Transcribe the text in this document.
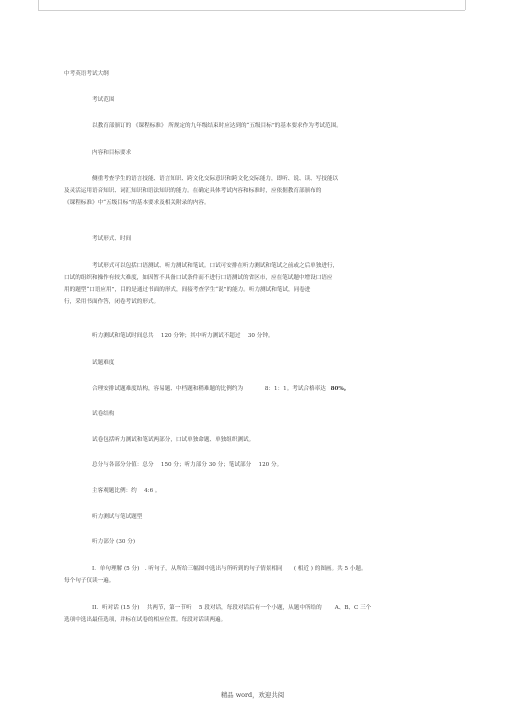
中考英语考试大纲
考试范围
以教育部颁订的 《课程标准》 所规定的九年级结束时应达到的“五级目标”的基本要求作为考试范围。
内容和目标要求
侧重考查学生的语言技能、语言知识、跨文化交际意识和跨文化交际能力，即听、说、读、写技能以
及灵活运用语音知识、词汇知识和语法知识的能力。在确定具体考试内容和标准时，应依据教育部颁布的
《课程标准》中“五级目标”的基本要求及相关附录的内容。
考试形式、时间
考试形式可以包括口语测试、听力测试和笔试。口试可安排在听力测试和笔试之前或之后单独进行，
口试的组织和操作有较大难度，如因暂不具备口试条件而不进行口语测试的省区市，应在笔试题中增设口语应
用的题型“口语应用”，目的是通过书面的形式，间接考查学生“说”的能力。听力测试和笔试，同卷进
行，采用书面作答，闭卷考试的形式。
听力测试和笔试时间总共　 120 分钟；其中听力测试不超过　 30 分钟。
试题难度
合理安排试题难度结构，容易题、中档题和稍难题的比例约为	8：1：1。考试合格率达 80%。
试卷结构
试卷包括听力测试和笔试两部分，口试单独命题、单独组织测试。
总分与各部分分值：总分　 150 分；听力部分 30 分；笔试部分　 120 分。
主客观题比例：约　 4:6 。
听力测试与笔试题型
听力部分 (30 分)
I．单句理解 (5 分)　. 听句子，从所给三幅图中选出与所听到的句子情景相同　　( 相近 ) 的图画。共 5 小题。
每个句子仅读一遍。
II．听对话 (15 分)　 共两节，第一节听　 5 段对话，每段对话后有一个小题，从题中所给的　　 A、B、C 三个
选项中选出最佳选项，并标在试卷的相应位置。每段对话读两遍。
精品 word，欢迎共阅
